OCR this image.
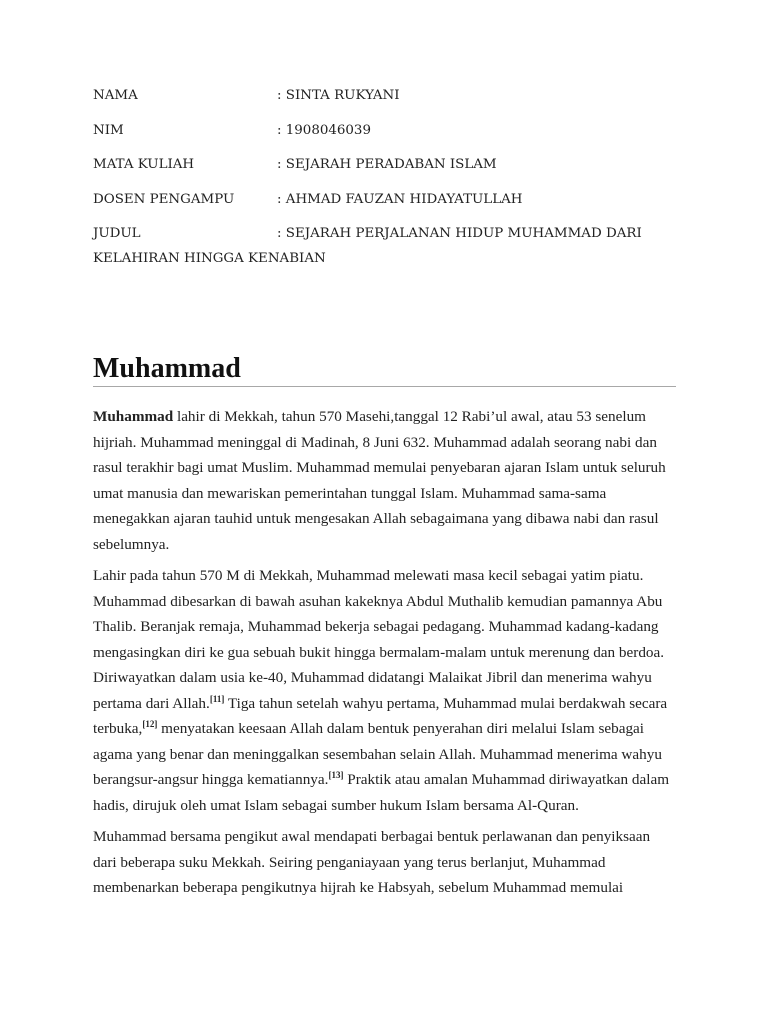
NAMA	: SINTA RUKYANI
NIM	: 1908046039
MATA KULIAH	: SEJARAH PERADABAN ISLAM
DOSEN PENGAMPU	: AHMAD FAUZAN HIDAYATULLAH
JUDUL	: SEJARAH PERJALANAN HIDUP MUHAMMAD DARI
KELAHIRAN HINGGA KENABIAN
Muhammad

Muhammad lahir di Mekkah, tahun 570 Masehi,tanggal 12 Rabi’ul awal, atau 53 senelum hijriah. Muhammad meninggal di Madinah, 8 Juni 632. Muhammad adalah seorang nabi dan rasul terakhir bagi umat Muslim. Muhammad memulai penyebaran ajaran Islam untuk seluruh umat manusia dan mewariskan pemerintahan tunggal Islam. Muhammad sama-sama menegakkan ajaran tauhid untuk mengesakan Allah sebagaimana yang dibawa nabi dan rasul sebelumnya.

Lahir pada tahun 570 M di Mekkah, Muhammad melewati masa kecil sebagai yatim piatu. Muhammad dibesarkan di bawah asuhan kakeknya Abdul Muthalib kemudian pamannya Abu Thalib. Beranjak remaja, Muhammad bekerja sebagai pedagang. Muhammad kadang-kadang mengasingkan diri ke gua sebuah bukit hingga bermalam-malam untuk merenung dan berdoa. Diriwayatkan dalam usia ke-40, Muhammad didatangi Malaikat Jibril dan menerima wahyu pertama dari Allah.[11] Tiga tahun setelah wahyu pertama, Muhammad mulai berdakwah secara terbuka,[12] menyatakan keesaan Allah dalam bentuk penyerahan diri melalui Islam sebagai agama yang benar dan meninggalkan sesembahan selain Allah. Muhammad menerima wahyu berangsur-angsur hingga kematiannya.[13] Praktik atau amalan Muhammad diriwayatkan dalam hadis, dirujuk oleh umat Islam sebagai sumber hukum Islam bersama Al-Quran.

Muhammad bersama pengikut awal mendapati berbagai bentuk perlawanan dan penyiksaan dari beberapa suku Mekkah. Seiring penganiayaan yang terus berlanjut, Muhammad membenarkan beberapa pengikutnya hijrah ke Habsyah, sebelum Muhammad memulai
